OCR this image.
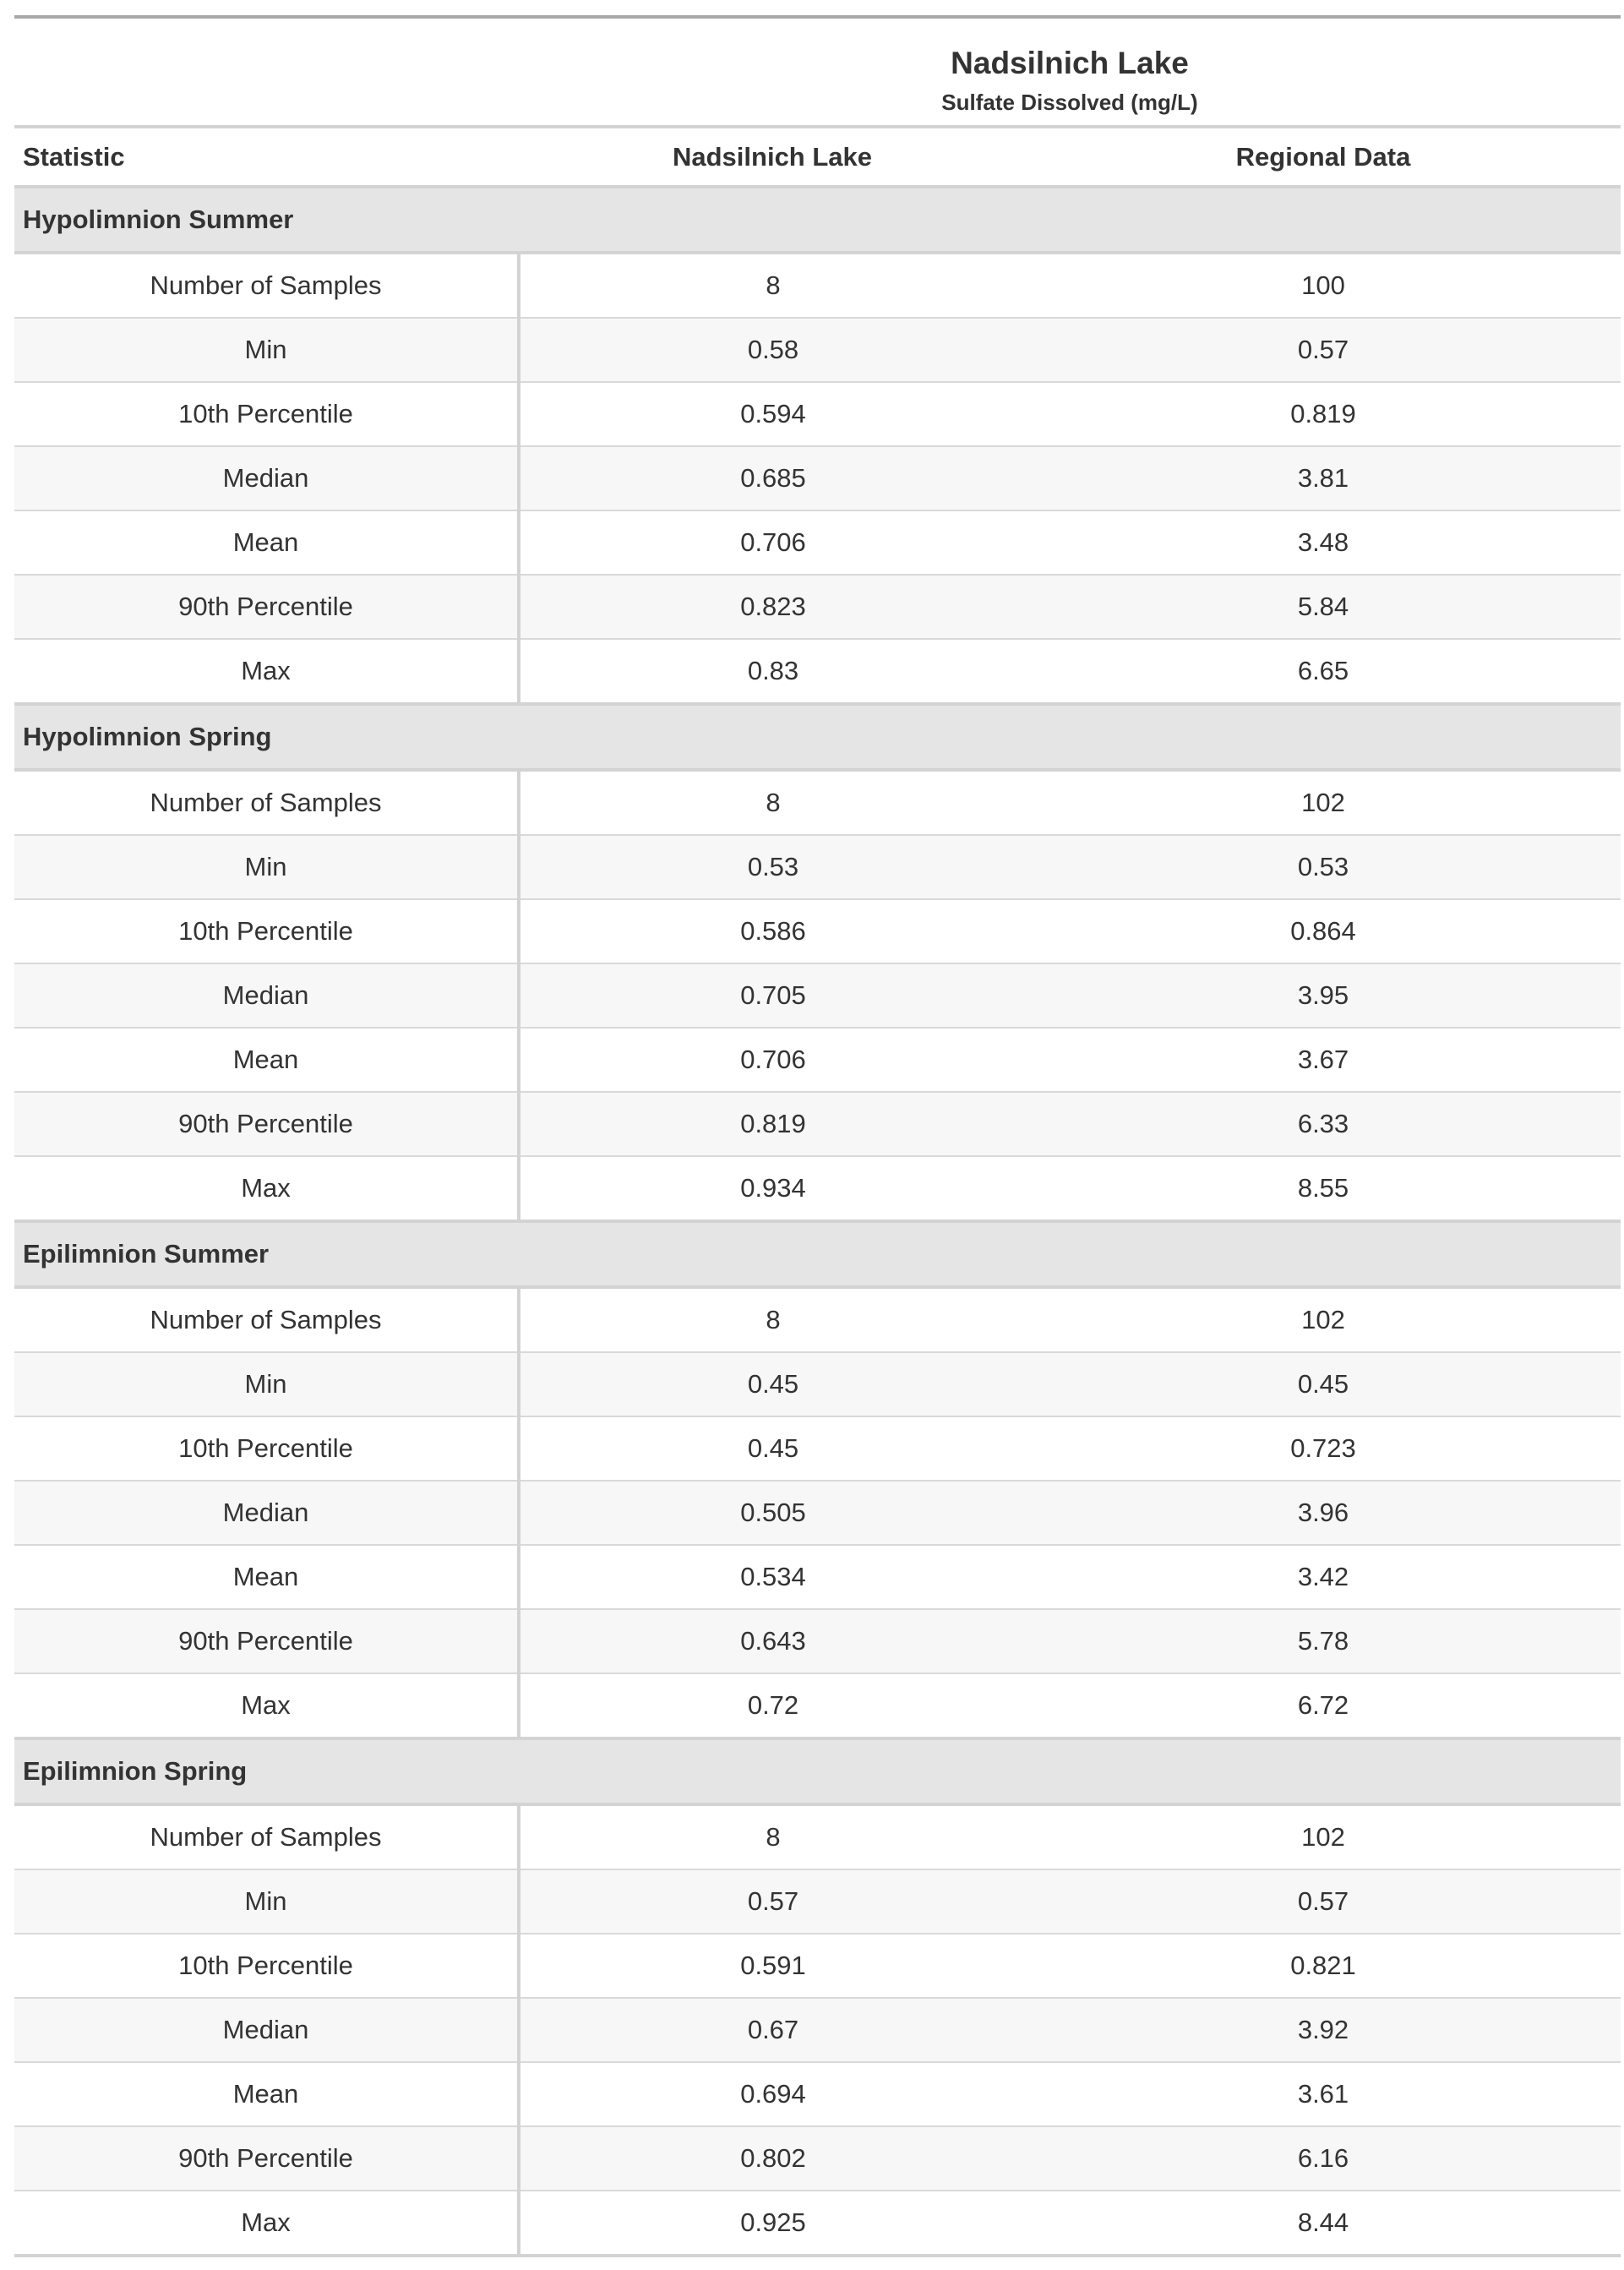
	Nadsilnich Lake	

	Sulfate Dissolved (mg/L)	

Statistic	Nadsilnich Lake	Regional Data
Hypolimnion Summer		
Number of Samples	8	100
Min	0.58	0.57
10th Percentile	0.594	0.819
Median	0.685	3.81
Mean	0.706	3.48
90th Percentile	0.823	5.84
Max	0.83	6.65
Hypolimnion Spring		
Number of Samples	8	102
Min	0.53	0.53
10th Percentile	0.586	0.864
Median	0.705	3.95
Mean	0.706	3.67
90th Percentile	0.819	6.33
Max	0.934	8.55
Epilimnion Summer		
Number of Samples	8	102
Min	0.45	0.45
10th Percentile	0.45	0.723
Median	0.505	3.96
Mean	0.534	3.42
90th Percentile	0.643	5.78
Max	0.72	6.72
Epilimnion Spring		
Number of Samples	8	102
Min	0.57	0.57
10th Percentile	0.591	0.821
Median	0.67	3.92
Mean	0.694	3.61
90th Percentile	0.802	6.16
Max	0.925	8.44
